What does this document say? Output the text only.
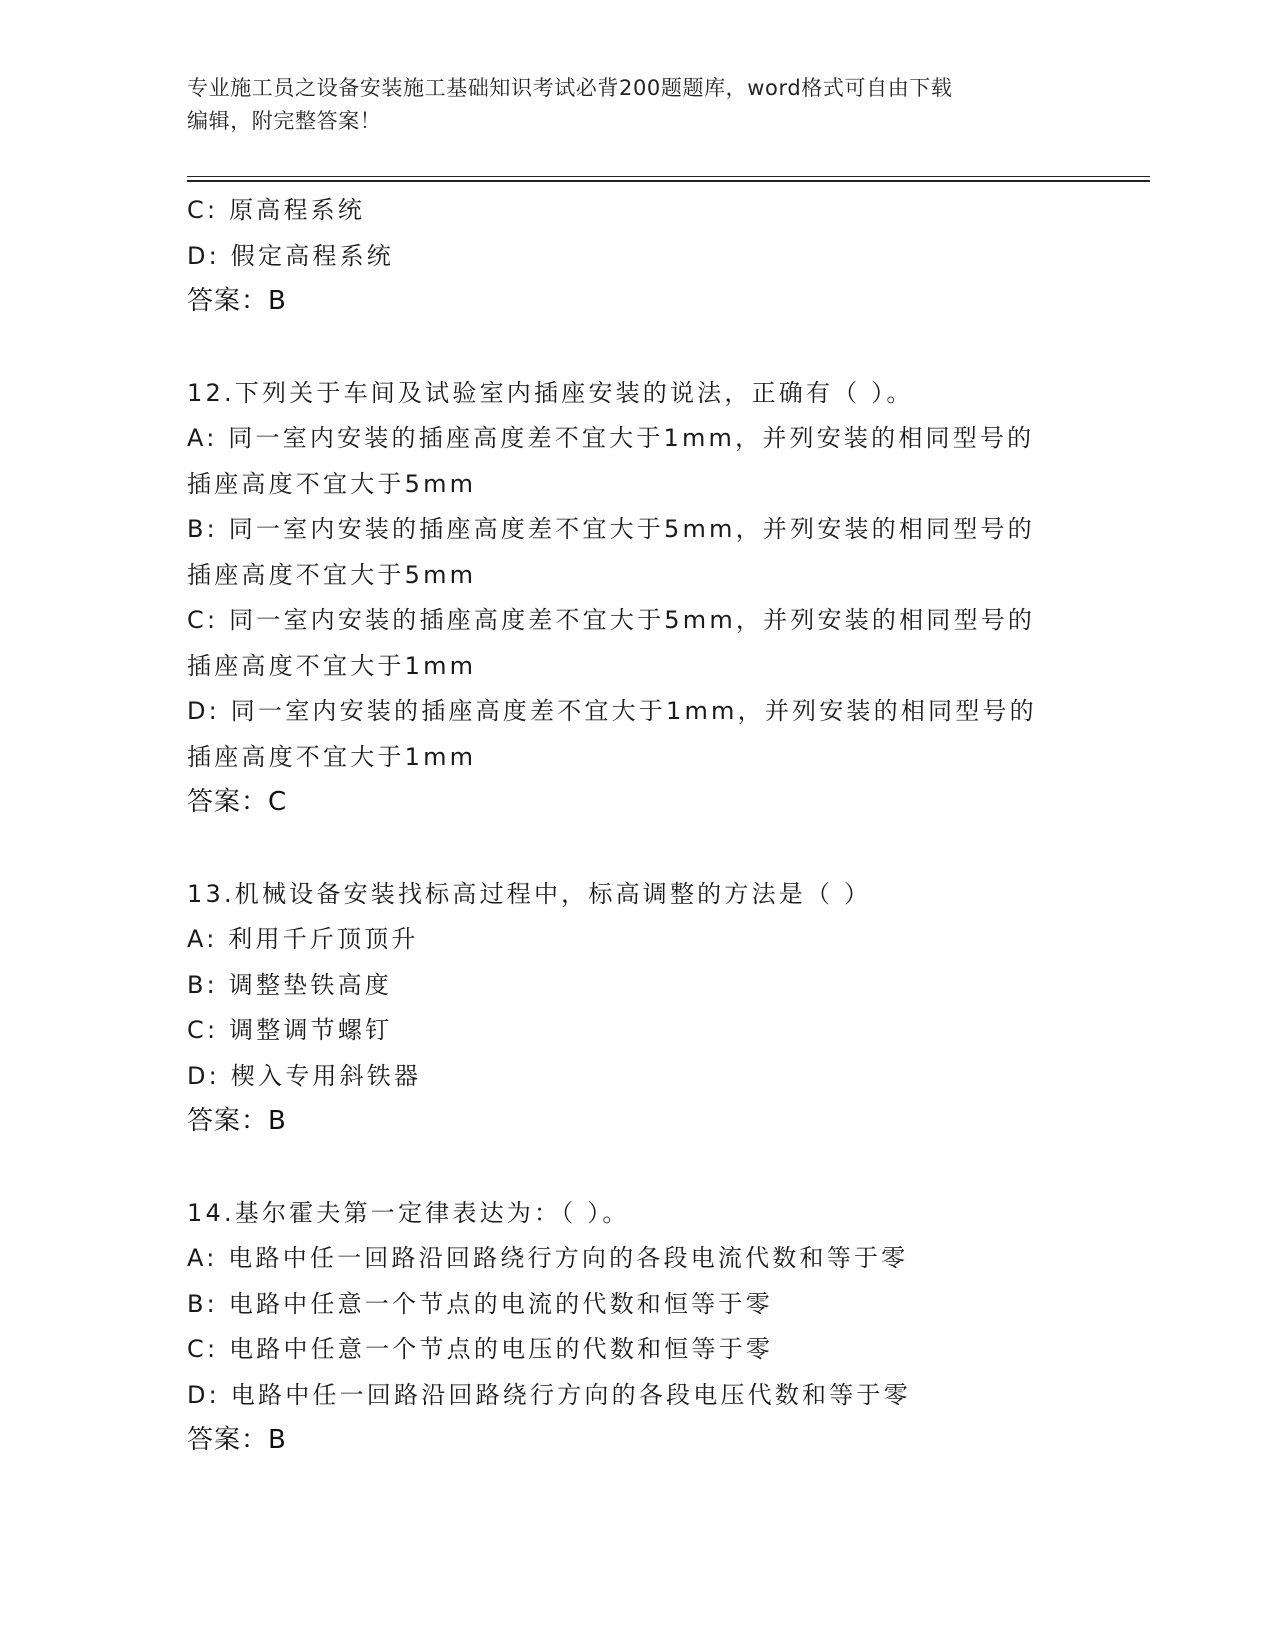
专业施工员之设备安装施工基础知识考试必背200题题库，word格式可自由下载
编辑，附完整答案！
C: 原高程系统
D: 假定高程系统
答案：B
12.下列关于车间及试验室内插座安装的说法，正确有（ ）。
A: 同一室内安装的插座高度差不宜大于1mm，并列安装的相同型号的
插座高度不宜大于5mm
B: 同一室内安装的插座高度差不宜大于5mm，并列安装的相同型号的
插座高度不宜大于5mm
C: 同一室内安装的插座高度差不宜大于5mm，并列安装的相同型号的
插座高度不宜大于1mm
D: 同一室内安装的插座高度差不宜大于1mm，并列安装的相同型号的
插座高度不宜大于1mm
答案：C
13.机械设备安装找标高过程中，标高调整的方法是（ ）
A: 利用千斤顶顶升
B: 调整垫铁高度
C: 调整调节螺钉
D: 楔入专用斜铁器
答案：B
14.基尔霍夫第一定律表达为：（ ）。
A: 电路中任一回路沿回路绕行方向的各段电流代数和等于零
B: 电路中任意一个节点的电流的代数和恒等于零
C: 电路中任意一个节点的电压的代数和恒等于零
D: 电路中任一回路沿回路绕行方向的各段电压代数和等于零
答案：B
